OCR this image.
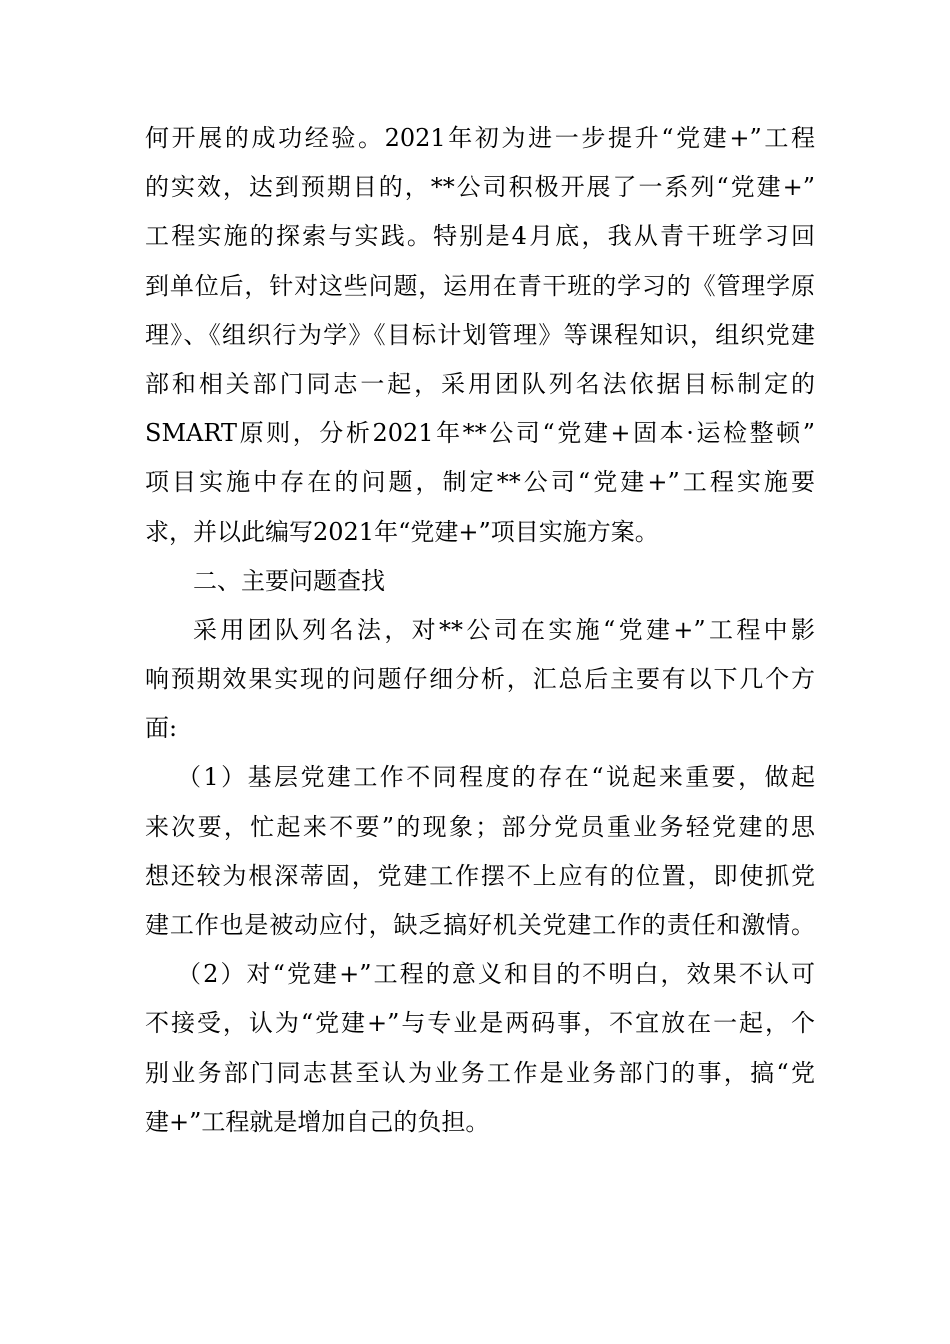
何开展的成功经验。2021年初为进一步提升“党建+”工程
的实效，达到预期目的，**公司积极开展了一系列“党建+”
工程实施的探索与实践。特别是4月底，我从青干班学习回
到单位后，针对这些问题，运用在青干班的学习的《管理学原
理》、《组织行为学》《目标计划管理》等课程知识，组织党建
部和相关部门同志一起，采用团队列名法依据目标制定的
SMART原则，分析2021年**公司“党建+固本·运检整顿”
项目实施中存在的问题，制定**公司“党建+”工程实施要
求，并以此编写2021年“党建+”项目实施方案。
二、主要问题查找
采用团队列名法，对**公司在实施“党建+”工程中影
响预期效果实现的问题仔细分析，汇总后主要有以下几个方
面:
（1）基层党建工作不同程度的存在“说起来重要，做起
来次要，忙起来不要”的现象；部分党员重业务轻党建的思
想还较为根深蒂固，党建工作摆不上应有的位置，即使抓党
建工作也是被动应付，缺乏搞好机关党建工作的责任和激情。
（2）对“党建+”工程的意义和目的不明白，效果不认可
不接受，认为“党建+”与专业是两码事，不宜放在一起，个
别业务部门同志甚至认为业务工作是业务部门的事，搞“党
建+”工程就是增加自己的负担。
